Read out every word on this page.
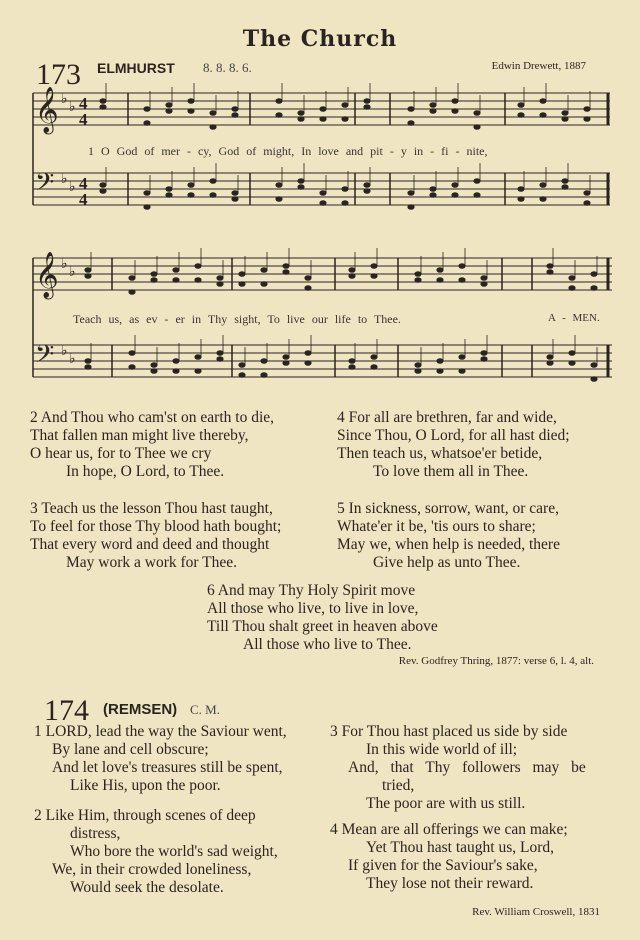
The Church
173 ELMHURST 8. 8. 8. 6.	Edwin Drewett, 1887
𝄞 ♭
♭ 4
4
𝄢 ♭
♭ 4
4
𝄞 ♭
♭
𝄢 ♭
♭
1 O God of mer - cy, God of might, In love and pit - y in - fi - nite,
Teach us, as ev - er in Thy sight, To live our life to Thee.	A - MEN.
2 And Thou who cam'st on earth to die,
That fallen man might live thereby,
O hear us, for to Thee we cry
In hope, O Lord, to Thee.
3 Teach us the lesson Thou hast taught,
To feel for those Thy blood hath bought;
That every word and deed and thought
May work a work for Thee.
4 For all are brethren, far and wide,
Since Thou, O Lord, for all hast died;
Then teach us, whatsoe'er betide,
To love them all in Thee.
5 In sickness, sorrow, want, or care,
Whate'er it be, 'tis ours to share;
May we, when help is needed, there
Give help as unto Thee.
6 And may Thy Holy Spirit move
All those who live, to live in love,
Till Thou shalt greet in heaven above
All those who live to Thee.
Rev. Godfrey Thring, 1877: verse 6, l. 4, alt.
174 (REMSEN) C. M.
1 LORD, lead the way the Saviour went,
By lane and cell obscure;
And let love's treasures still be spent,
Like His, upon the poor.
2 Like Him, through scenes of deep
distress,
Who bore the world's sad weight,
We, in their crowded loneliness,
Would seek the desolate.
3 For Thou hast placed us side by side
In this wide world of ill;
And, that Thy followers may be
tried,
The poor are with us still.
4 Mean are all offerings we can make;
Yet Thou hast taught us, Lord,
If given for the Saviour's sake,
They lose not their reward.
Rev. William Croswell, 1831
